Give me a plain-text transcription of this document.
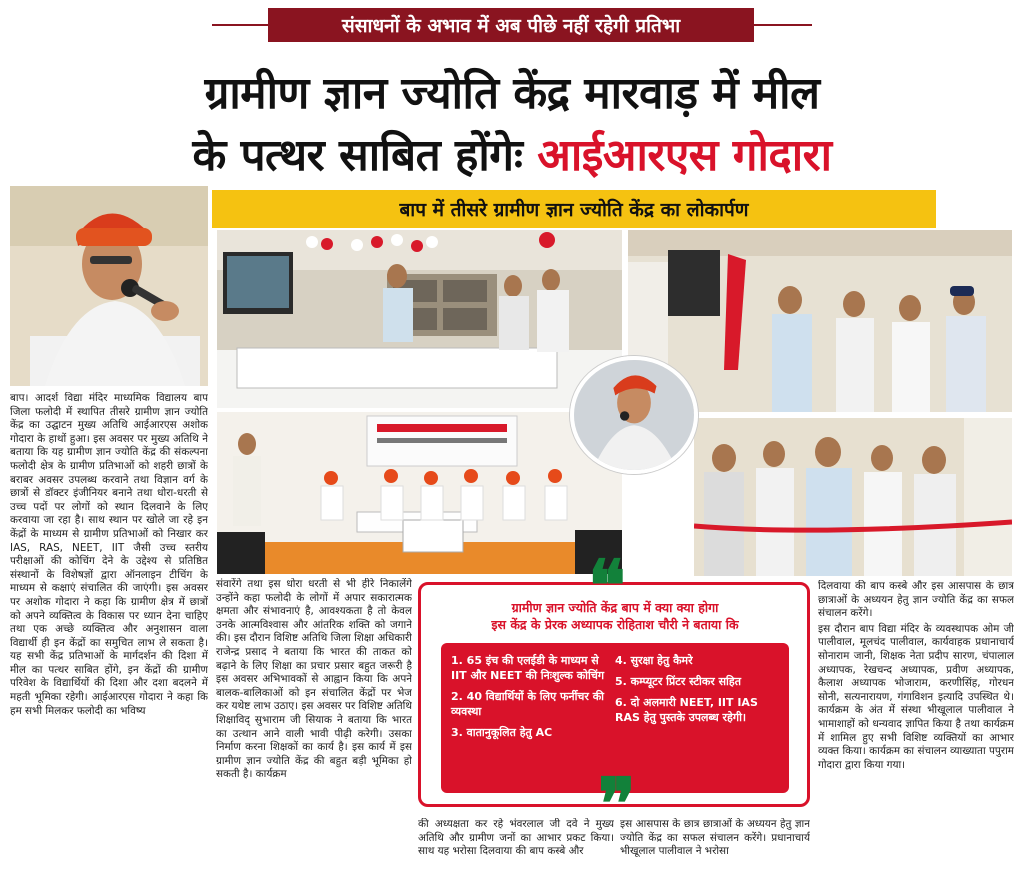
संसाधनों के अभाव में अब पीछे नहीं रहेगी प्रतिभा
ग्रामीण ज्ञान ज्योति केंद्र मारवाड़ में मील
के पत्थर साबित होंगेः आईआरएस गोदारा
बाप में तीसरे ग्रामीण ज्ञान ज्योति केंद्र का लोकार्पण

बाप। आदर्श विद्या मंदिर माध्यमिक विद्यालय बाप जिला फलोदी में स्थापित तीसरे ग्रामीण ज्ञान ज्योति केंद्र का उद्घाटन मुख्य अतिथि आईआरएस अशोक गोदारा के हाथों हुआ। इस अवसर पर मुख्य अतिथि ने बताया कि यह ग्रामीण ज्ञान ज्योति केंद्र की संकल्पना फलोदी क्षेत्र के ग्रामीण प्रतिभाओं को शहरी छात्रों के बराबर अवसर उपलब्ध करवाने तथा विज्ञान वर्ग के छात्रों से डॉक्टर इंजीनियर बनाने तथा धोरा-धरती से उच्च पदों पर लोगों को स्थान दिलवाने के लिए करवाया जा रहा है। साथ स्थान पर खोले जा रहे इन केंद्रों के माध्यम से ग्रामीण प्रतिभाओं को निखार कर IAS, RAS, NEET, IIT जैसी उच्च स्तरीय परीक्षाओं की कोचिंग देने के उद्देश्य से प्रतिष्ठित संस्थानों के विशेषज्ञों द्वारा ऑनलाइन टीचिंग के माध्यम से कक्षाएं संचालित की जाएंगी। इस अवसर पर अशोक गोदारा ने कहा कि ग्रामीण क्षेत्र में छात्रों को अपने व्यक्तित्व के विकास पर ध्यान देना चाहिए तथा एक अच्छे व्यक्तित्व और अनुशासन वाला विद्यार्थी ही इन केंद्रों का समुचित लाभ ले सकता है। यह सभी केंद्र प्रतिभाओं के मार्गदर्शन की दिशा में मील का पत्थर साबित होंगे, इन केंद्रों की ग्रामीण परिवेश के विद्यार्थियों की दिशा और दशा बदलने में महती भूमिका रहेगी। आईआरएस गोदारा ने कहा कि हम सभी मिलकर फलोदी का भविष्य

संवारेंगे तथा इस धोरा धरती से भी हीरे निकालेंगे उन्होंने कहा फलोदी के लोगों में अपार सकारात्मक क्षमता और संभावनाएं है, आवश्यकता है तो केवल उनके आत्मविश्वास और आंतरिक शक्ति को जगाने की। इस दौरान विशिष्ट अतिथि जिला शिक्षा अधिकारी राजेन्द्र प्रसाद ने बताया कि भारत की ताकत को बढ़ाने के लिए शिक्षा का प्रचार प्रसार बहुत जरूरी है इस अवसर अभिभावकों से आह्वान किया कि अपने बालक-बालिकाओं को इन संचालित केंद्रों पर भेज कर यथेष्ट लाभ उठाए। इस अवसर पर विशिष्ट अतिथि शिक्षाविद् सुभाराम जी सियाक ने बताया कि भारत का उत्थान आने वाली भावी पीढ़ी करेगी। उसका निर्माण करना शिक्षकों का कार्य है। इस कार्य में इस ग्रामीण ज्ञान ज्योति केंद्र की बहुत बड़ी भूमिका हो सकती है। कार्यक्रम

की अध्यक्षता कर रहे भंवरलाल जी दवे ने मुख्य अतिथि और ग्रामीण जनों का आभार प्रकट किया। साथ यह भरोसा दिलवाया की बाप कस्बे और

इस आसपास के छात्र छात्राओं के अध्ययन हेतु ज्ञान ज्योति केंद्र का सफल संचालन करेंगे। प्रधानाचार्य भीखूलाल पालीवाल ने भरोसा

दिलवाया की बाप कस्बे और इस आसपास के छात्र छात्राओं के अध्ययन हेतु ज्ञान ज्योति केंद्र का सफल संचालन करेंगे।

इस दौरान बाप विद्या मंदिर के व्यवस्थापक ओम जी पालीवाल, मूलचंद पालीवाल, कार्यवाहक प्रधानाचार्य सोनाराम जानी, शिक्षक नेता प्रदीप सारण, चंपालाल अध्यापक, रेखचन्द अध्यापक, प्रवीण अध्यापक, कैलाश अध्यापक भोजाराम, करणीसिंह, गोरधन सोनी, सत्यनारायण, गंगाविशन इत्यादि उपस्थित थे। कार्यक्रम के अंत में संस्था भीखूलाल पालीवाल ने भामाशाहों को धन्यवाद ज्ञापित किया है तथा कार्यक्रम में शामिल हुए सभी विशिष्ट व्यक्तियों का आभार व्यक्त किया। कार्यक्रम का संचालन व्याख्याता पपुराम गोदारा द्वारा किया गया।

ग्रामीण ज्ञान ज्योति केंद्र बाप में क्या क्या होगा
इस केंद्र के प्रेरक अध्यापक रोहिताश चौरी ने बताया कि
1. 65 इंच की एलईडी के माध्यम से IIT और NEET की निःशुल्क कोचिंग
2. 40 विद्यार्थियों के लिए फर्नीचर की व्यवस्था
3. वातानुकूलित हेतु AC
4. सुरक्षा हेतु कैमरे
5. कम्प्यूटर प्रिंटर स्टीकर सहित
6. दो अलमारी NEET, IIT IAS RAS हेतु पुस्तके उपलब्ध रहेगी।
❝
❞
